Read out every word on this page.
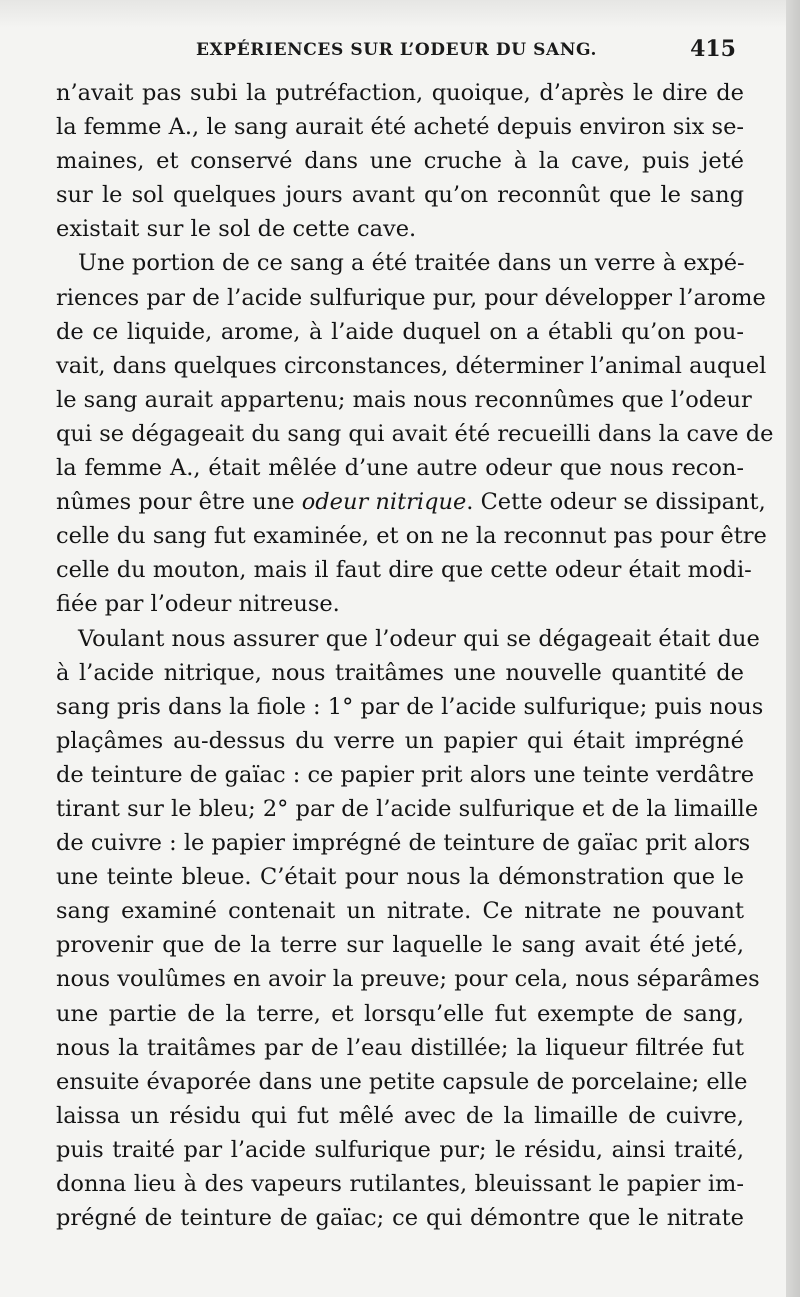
EXPÉRIENCES SUR L’ODEUR DU SANG.	415
n’avait pas subi la putréfaction, quoique, d’après le dire de
la femme A., le sang aurait été acheté depuis environ six se-
maines, et conservé dans une cruche à la cave, puis jeté
sur le sol quelques jours avant qu’on reconnût que le sang
existait sur le sol de cette cave.
Une portion de ce sang a été traitée dans un verre à expé-
riences par de l’acide sulfurique pur, pour développer l’arome
de ce liquide, arome, à l’aide duquel on a établi qu’on pou-
vait, dans quelques circonstances, déterminer l’animal auquel
le sang aurait appartenu; mais nous reconnûmes que l’odeur
qui se dégageait du sang qui avait été recueilli dans la cave de
la femme A., était mêlée d’une autre odeur que nous recon-
nûmes pour être une odeur nitrique. Cette odeur se dissipant,
celle du sang fut examinée, et on ne la reconnut pas pour être
celle du mouton, mais il faut dire que cette odeur était modi-
fiée par l’odeur nitreuse.
Voulant nous assurer que l’odeur qui se dégageait était due
à l’acide nitrique, nous traitâmes une nouvelle quantité de
sang pris dans la fiole : 1° par de l’acide sulfurique; puis nous
plaçâmes au-dessus du verre un papier qui était imprégné
de teinture de gaïac : ce papier prit alors une teinte verdâtre
tirant sur le bleu; 2° par de l’acide sulfurique et de la limaille
de cuivre : le papier imprégné de teinture de gaïac prit alors
une teinte bleue. C’était pour nous la démonstration que le
sang examiné contenait un nitrate. Ce nitrate ne pouvant
provenir que de la terre sur laquelle le sang avait été jeté,
nous voulûmes en avoir la preuve; pour cela, nous séparâmes
une partie de la terre, et lorsqu’elle fut exempte de sang,
nous la traitâmes par de l’eau distillée; la liqueur filtrée fut
ensuite évaporée dans une petite capsule de porcelaine; elle
laissa un résidu qui fut mêlé avec de la limaille de cuivre,
puis traité par l’acide sulfurique pur; le résidu, ainsi traité,
donna lieu à des vapeurs rutilantes, bleuissant le papier im-
prégné de teinture de gaïac; ce qui démontre que le nitrate
